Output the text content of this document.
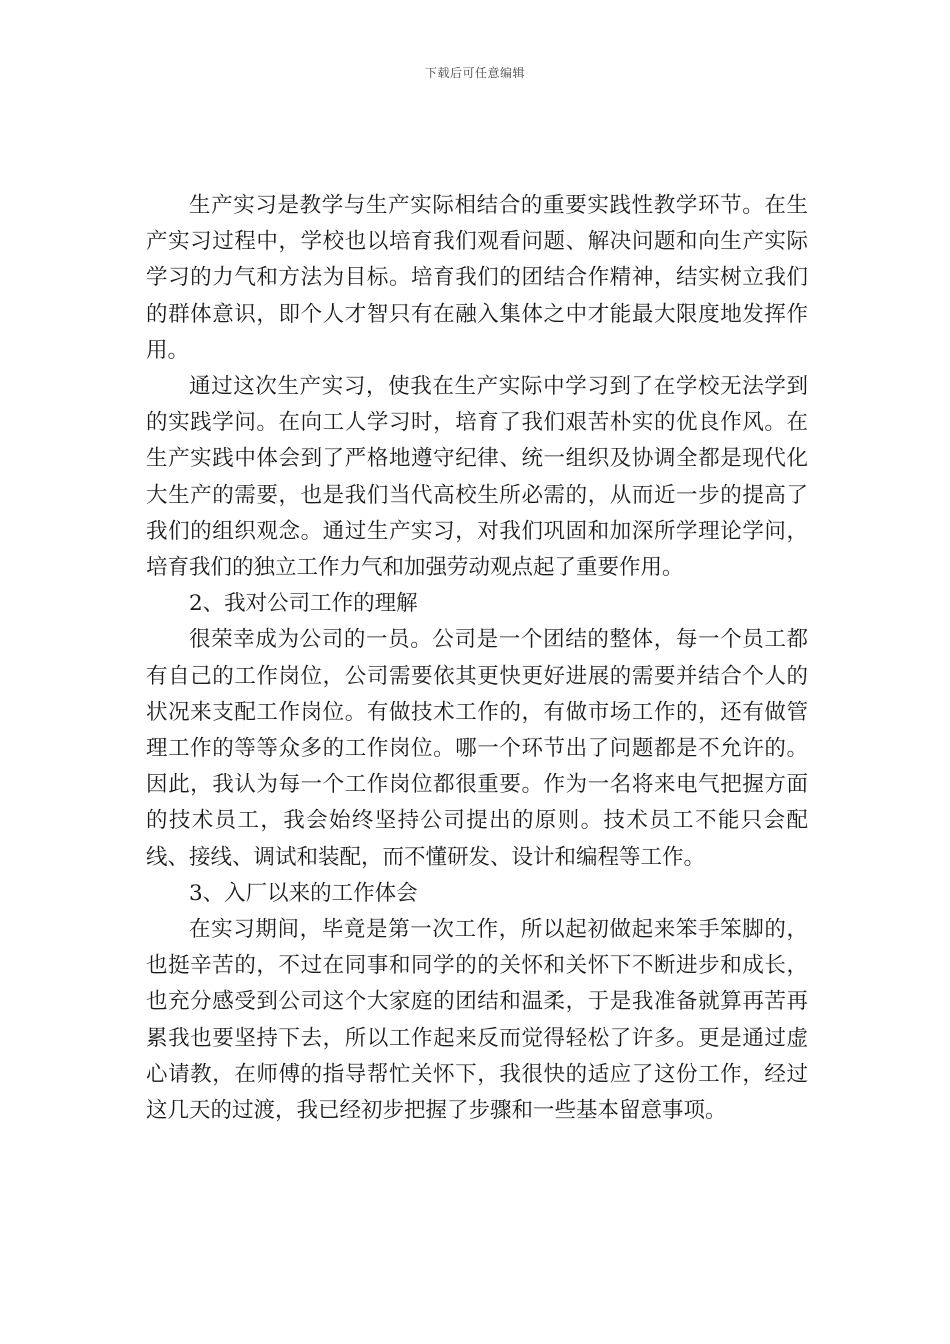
下载后可任意编辑

生产实习是教学与生产实际相结合的重要实践性教学环节。在生产实习过程中，学校也以培育我们观看问题、解决问题和向生产实际学习的力气和方法为目标。培育我们的团结合作精神，结实树立我们的群体意识，即个人才智只有在融入集体之中才能最大限度地发挥作用。

通过这次生产实习，使我在生产实际中学习到了在学校无法学到的实践学问。在向工人学习时，培育了我们艰苦朴实的优良作风。在生产实践中体会到了严格地遵守纪律、统一组织及协调全都是现代化大生产的需要，也是我们当代高校生所必需的，从而近一步的提高了我们的组织观念。通过生产实习，对我们巩固和加深所学理论学问，培育我们的独立工作力气和加强劳动观点起了重要作用。

2、我对公司工作的理解

很荣幸成为公司的一员。公司是一个团结的整体，每一个员工都有自己的工作岗位，公司需要依其更快更好进展的需要并结合个人的状况来支配工作岗位。有做技术工作的，有做市场工作的，还有做管理工作的等等众多的工作岗位。哪一个环节出了问题都是不允许的。因此，我认为每一个工作岗位都很重要。作为一名将来电气把握方面的技术员工，我会始终坚持公司提出的原则。技术员工不能只会配线、接线、调试和装配，而不懂研发、设计和编程等工作。

3、入厂以来的工作体会

在实习期间，毕竟是第一次工作，所以起初做起来笨手笨脚的，也挺辛苦的，不过在同事和同学的的关怀和关怀下不断进步和成长，也充分感受到公司这个大家庭的团结和温柔，于是我准备就算再苦再累我也要坚持下去，所以工作起来反而觉得轻松了许多。更是通过虚心请教，在师傅的指导帮忙关怀下，我很快的适应了这份工作，经过这几天的过渡，我已经初步把握了步骤和一些基本留意事项。
